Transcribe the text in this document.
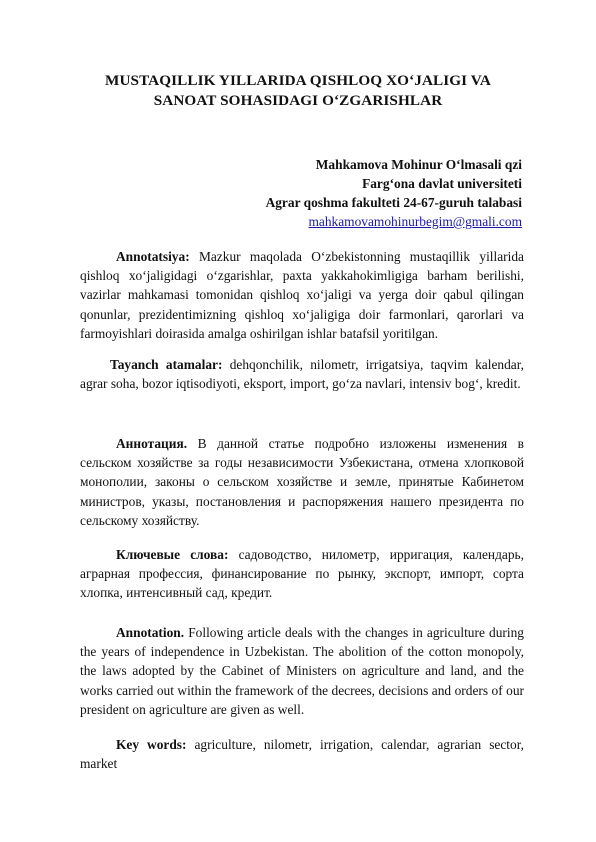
MUSTAQILLIK YILLARIDA QISHLOQ XO‘JALIGI VA
SANOAT SOHASIDAGI O‘ZGARISHLAR
Mahkamova Mohinur O‘lmasali qzi
Farg‘ona davlat universiteti
Agrar qoshma fakulteti 24-67-guruh talabasi
mahkamovamohinurbegim@gmali.com
Annotatsiya: Mazkur maqolada O‘zbekistonning mustaqillik yillarida qishloq xo‘jaligidagi o‘zgarishlar, paxta yakkahokimligiga barham berilishi, vazirlar mahkamasi tomonidan qishloq xo‘jaligi va yerga doir qabul qilingan qonunlar, prezidentimizning qishloq xo‘jaligiga doir farmonlari, qarorlari va farmoyishlari doirasida amalga oshirilgan ishlar batafsil yoritilgan.
Tayanch atamalar: dehqonchilik, nilometr, irrigatsiya, taqvim kalendar, agrar soha, bozor iqtisodiyoti, eksport, import, go‘za navlari, intensiv bog‘, kredit.
Аннотация. В данной статье подробно изложены изменения в сельском хозяйстве за годы независимости Узбекистана, отмена хлопковой монополии, законы о сельском хозяйстве и земле, принятые Кабинетом министров, указы, постановления и распоряжения нашего президента по сельскому хозяйству.
Ключевые слова: садоводство, нилометр, ирригация, календарь, аграрная профессия, финансирование по рынку, экспорт, импорт, сорта хлопка, интенсивный сад, кредит.
Annotation. Following article deals with the changes in agriculture during the years of independence in Uzbekistan. The abolition of the cotton monopoly, the laws adopted by the Cabinet of Ministers on agriculture and land, and the works carried out within the framework of the decrees, decisions and orders of our president on agriculture are given as well.
Key words: agriculture, nilometr, irrigation, calendar, agrarian sector, market
